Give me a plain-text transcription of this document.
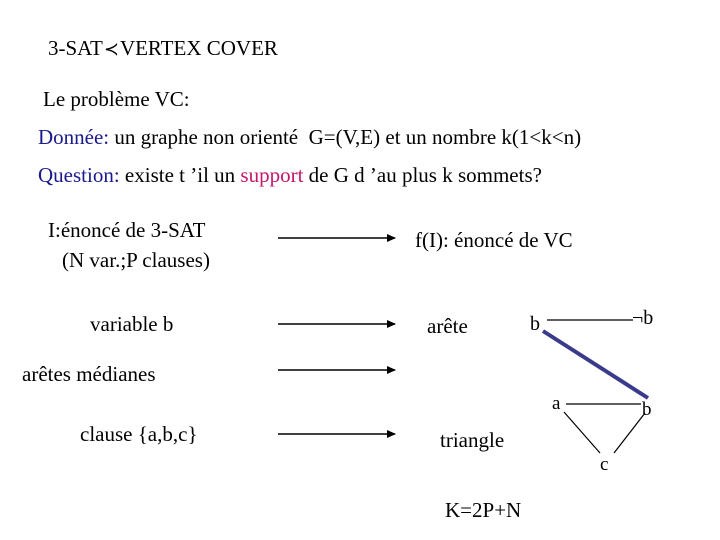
3-SAT≺VERTEX COVER
Le problème VC:
Donnée: un graphe non orienté  G=(V,E) et un nombre k(1<k<n)
Question: existe t ’il un support de G d ’au plus k sommets?
I:énoncé de 3-SAT
(N var.;P clauses)
variable b
arêtes médianes
clause {a,b,c}
f(I): énoncé de VC
arête
triangle
K=2P+N
b	¬b
a	b
c
